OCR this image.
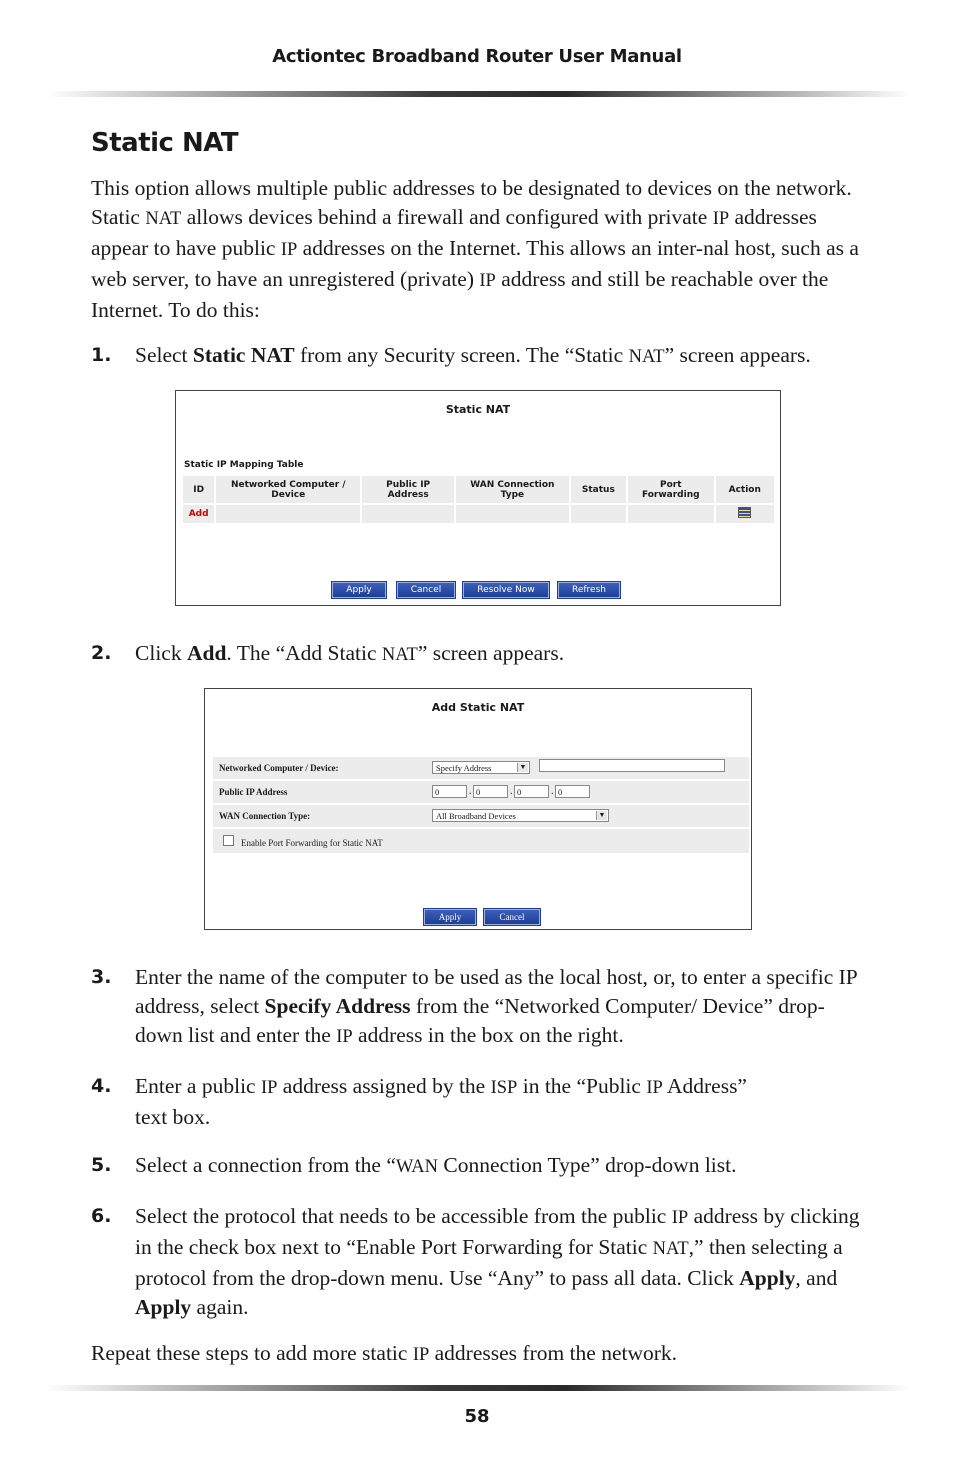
Actiontec Broadband Router User Manual
Static NAT
This option allows multiple public addresses to be designated to devices on the network. Static NAT allows devices behind a firewall and configured with private IP addresses appear to have public IP addresses on the Internet. This allows an inter-nal host, such as a web server, to have an unregistered (private) IP address and still be reachable over the Internet. To do this:
1. Select Static NAT from any Security screen. The “Static NAT” screen appears.
Static NAT
Static IP Mapping Table
ID	Networked Computer / Device	Public IP Address	WAN Connection Type	Status	Port Forwarding	Action
Add						
Apply	Cancel	Resolve Now	Refresh
2. Click Add. The “Add Static NAT” screen appears.
Add Static NAT
Networked Computer / Device:	Specify Address	▼
Public IP Address	0	. 0	. 0	. 0
WAN Connection Type:	All Broadband Devices	▼
Enable Port Forwarding for Static NAT
Apply	Cancel
3. Enter the name of the computer to be used as the local host, or, to enter a specific IP address, select Specify Address from the “Networked Computer/ Device” drop-down list and enter the IP address in the box on the right.
4. Enter a public IP address assigned by the ISP in the “Public IP Address”
text box.
5. Select a connection from the “WAN Connection Type” drop-down list.
6. Select the protocol that needs to be accessible from the public IP address by clicking in the check box next to “Enable Port Forwarding for Static NAT,” then selecting a protocol from the drop-down menu. Use “Any” to pass all data. Click Apply, and Apply again.
Repeat these steps to add more static IP addresses from the network.
58
